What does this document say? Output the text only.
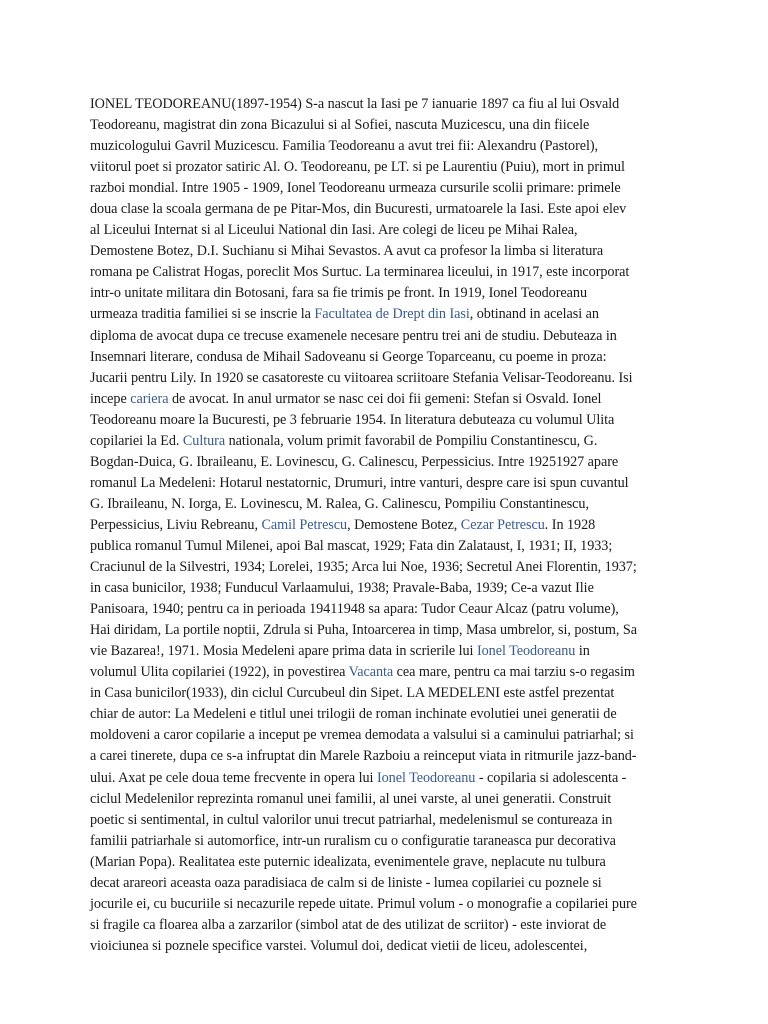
IONEL TEODOREANU(1897-1954) S-a nascut la Iasi pe 7 ianuarie 1897 ca fiu al lui Osvald
Teodoreanu, magistrat din zona Bicazului si al Sofiei, nascuta Muzicescu, una din fiicele
muzicologului Gavril Muzicescu. Familia Teodoreanu a avut trei fii: Alexandru (Pastorel),
viitorul poet si prozator satiric Al. O. Teodoreanu, pe LT. si pe Laurentiu (Puiu), mort in primul
razboi mondial. Intre 1905 - 1909, Ionel Teodoreanu urmeaza cursurile scolii primare: primele
doua clase la scoala germana de pe Pitar-Mos, din Bucuresti, urmatoarele la Iasi. Este apoi elev
al Liceului Internat si al Liceului National din Iasi. Are colegi de liceu pe Mihai Ralea,
Demostene Botez, D.I. Suchianu si Mihai Sevastos. A avut ca profesor la limba si literatura
romana pe Calistrat Hogas, poreclit Mos Surtuc. La terminarea liceului, in 1917, este incorporat
intr-o unitate militara din Botosani, fara sa fie trimis pe front. In 1919, Ionel Teodoreanu
urmeaza traditia familiei si se inscrie la Facultatea de Drept din Iasi, obtinand in acelasi an
diploma de avocat dupa ce trecuse examenele necesare pentru trei ani de studiu. Debuteaza in
Insemnari literare, condusa de Mihail Sadoveanu si George Toparceanu, cu poeme in proza:
Jucarii pentru Lily. In 1920 se casatoreste cu viitoarea scriitoare Stefania Velisar-Teodoreanu. Isi
incepe cariera de avocat. In anul urmator se nasc cei doi fii gemeni: Stefan si Osvald. Ionel
Teodoreanu moare la Bucuresti, pe 3 februarie 1954. In literatura debuteaza cu volumul Ulita
copilariei la Ed. Cultura nationala, volum primit favorabil de Pompiliu Constantinescu, G.
Bogdan-Duica, G. Ibraileanu, E. Lovinescu, G. Calinescu, Perpessicius. Intre 19251927 apare
romanul La Medeleni: Hotarul nestatornic, Drumuri, intre vanturi, despre care isi spun cuvantul
G. Ibraileanu, N. Iorga, E. Lovinescu, M. Ralea, G. Calinescu, Pompiliu Constantinescu,
Perpessicius, Liviu Rebreanu, Camil Petrescu, Demostene Botez, Cezar Petrescu. In 1928
publica romanul Tumul Milenei, apoi Bal mascat, 1929; Fata din Zalataust, I, 1931; II, 1933;
Craciunul de la Silvestri, 1934; Lorelei, 1935; Arca lui Noe, 1936; Secretul Anei Florentin, 1937;
in casa bunicilor, 1938; Funducul Varlaamului, 1938; Pravale-Baba, 1939; Ce-a vazut Ilie
Panisoara, 1940; pentru ca in perioada 19411948 sa apara: Tudor Ceaur Alcaz (patru volume),
Hai diridam, La portile noptii, Zdrula si Puha, Intoarcerea in timp, Masa umbrelor, si, postum, Sa
vie Bazarea!, 1971. Mosia Medeleni apare prima data in scrierile lui Ionel Teodoreanu in
volumul Ulita copilariei (1922), in povestirea Vacanta cea mare, pentru ca mai tarziu s-o regasim
in Casa bunicilor(1933), din ciclul Curcubeul din Sipet. LA MEDELENI este astfel prezentat
chiar de autor: La Medeleni e titlul unei trilogii de roman inchinate evolutiei unei generatii de
moldoveni a caror copilarie a inceput pe vremea demodata a valsului si a caminului patriarhal; si
a carei tinerete, dupa ce s-a infruptat din Marele Razboiu a reinceput viata in ritmurile jazz-band-
ului. Axat pe cele doua teme frecvente in opera lui Ionel Teodoreanu - copilaria si adolescenta -
ciclul Medelenilor reprezinta romanul unei familii, al unei varste, al unei generatii. Construit
poetic si sentimental, in cultul valorilor unui trecut patriarhal, medelenismul se contureaza in
familii patriarhale si automorfice, intr-un ruralism cu o configuratie taraneasca pur decorativa
(Marian Popa). Realitatea este puternic idealizata, evenimentele grave, neplacute nu tulbura
decat arareori aceasta oaza paradisiaca de calm si de liniste - lumea copilariei cu poznele si
jocurile ei, cu bucuriile si necazurile repede uitate. Primul volum - o monografie a copilariei pure
si fragile ca floarea alba a zarzarilor (simbol atat de des utilizat de scriitor) - este inviorat de
vioiciunea si poznele specifice varstei. Volumul doi, dedicat vietii de liceu, adolescentei,
